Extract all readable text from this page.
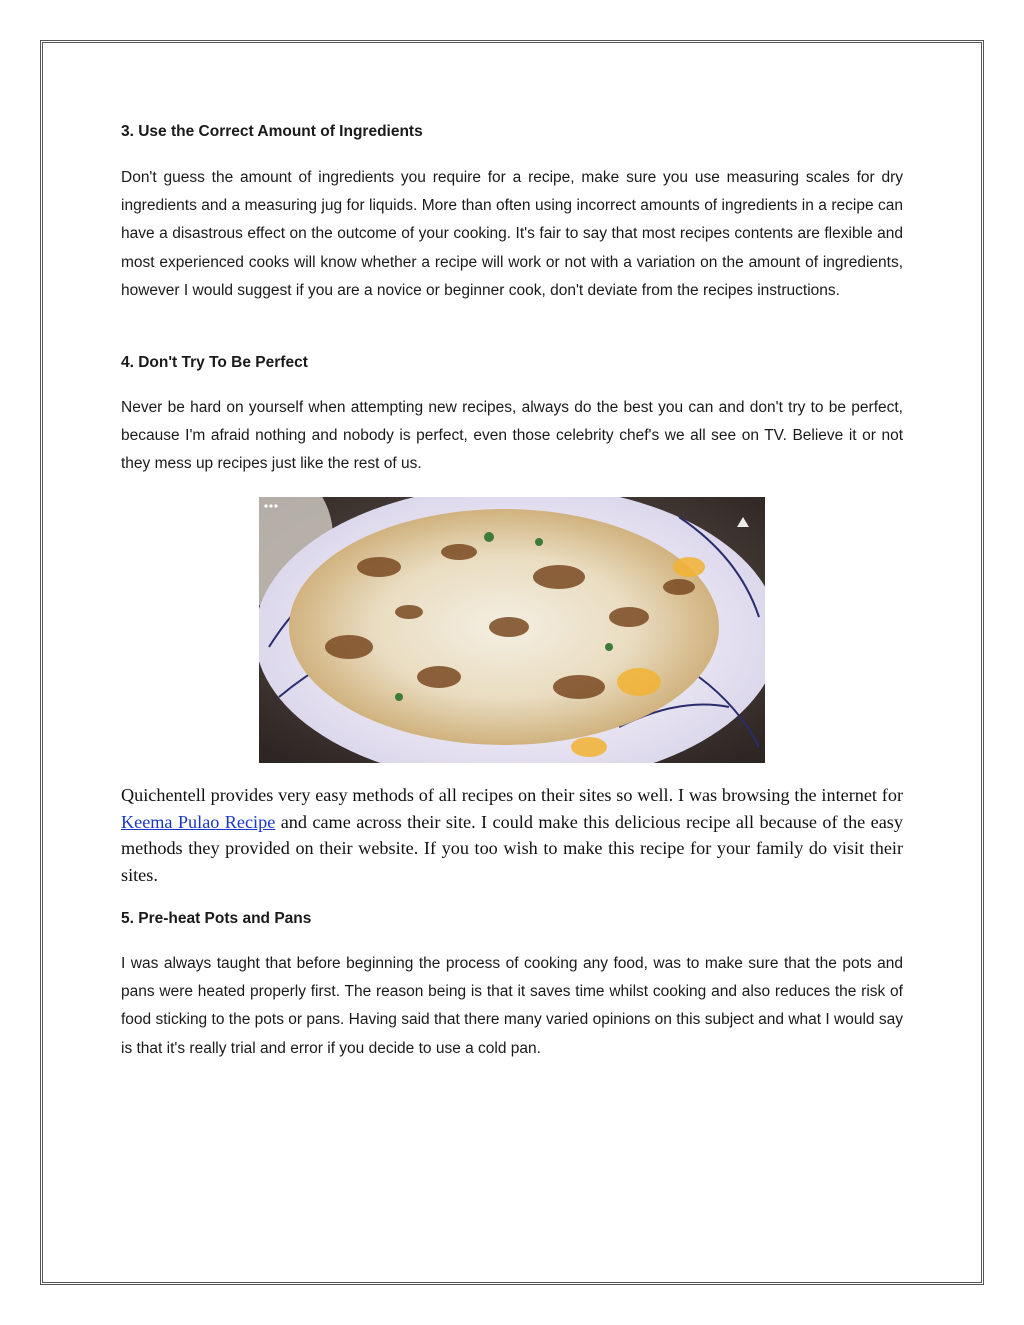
3. Use the Correct Amount of Ingredients

Don't guess the amount of ingredients you require for a recipe, make sure you use measuring scales for dry ingredients and a measuring jug for liquids. More than often using incorrect amounts of ingredients in a recipe can have a disastrous effect on the outcome of your cooking. It's fair to say that most recipes contents are flexible and most experienced cooks will know whether a recipe will work or not with a variation on the amount of ingredients, however I would suggest if you are a novice or beginner cook, don't deviate from the recipes instructions.

4. Don't Try To Be Perfect

Never be hard on yourself when attempting new recipes, always do the best you can and don't try to be perfect, because I'm afraid nothing and nobody is perfect, even those celebrity chef's we all see on TV. Believe it or not they mess up recipes just like the rest of us.

Quichentell provides very easy methods of all recipes on their sites so well. I was browsing the internet for Keema Pulao Recipe and came across their site. I could make this delicious recipe all because of the easy methods they provided on their website. If you too wish to make this recipe for your family do visit their sites.

5. Pre-heat Pots and Pans

I was always taught that before beginning the process of cooking any food, was to make sure that the pots and pans were heated properly first. The reason being is that it saves time whilst cooking and also reduces the risk of food sticking to the pots or pans. Having said that there many varied opinions on this subject and what I would say is that it's really trial and error if you decide to use a cold pan.
